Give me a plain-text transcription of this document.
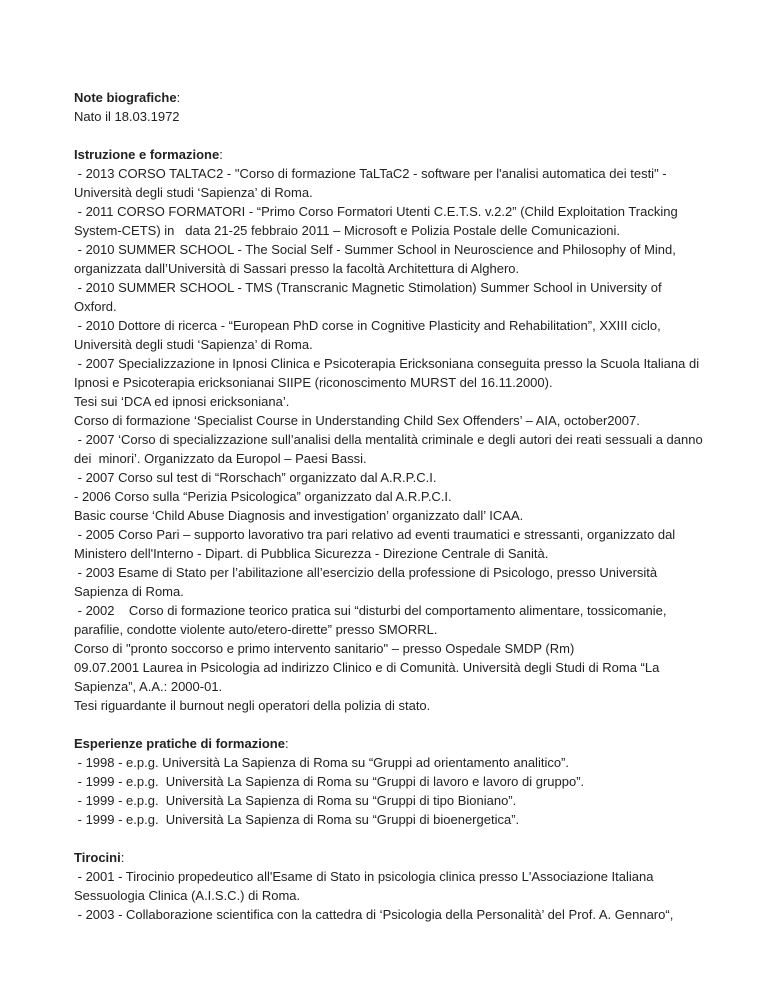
Note biografiche:

Nato il 18.03.1972

Istruzione e formazione:

- 2013 CORSO TALTAC2 - "Corso di formazione TaLTaC2 - software per l'analisi automatica dei testi" - Università degli studi ‘Sapienza’ di Roma.

- 2011 CORSO FORMATORI - “Primo Corso Formatori Utenti C.E.T.S. v.2.2” (Child Exploitation Tracking System-CETS) in   data 21-25 febbraio 2011 – Microsoft e Polizia Postale delle Comunicazioni.

- 2010 SUMMER SCHOOL - The Social Self - Summer School in Neuroscience and Philosophy of Mind, organizzata dall’Università di Sassari presso la facoltà Architettura di Alghero.

- 2010 SUMMER SCHOOL - TMS (Transcranic Magnetic Stimolation) Summer School in University of Oxford.

- 2010 Dottore di ricerca - “European PhD corse in Cognitive Plasticity and Rehabilitation”, XXIII ciclo, Università degli studi ‘Sapienza’ di Roma.

- 2007 Specializzazione in Ipnosi Clinica e Psicoterapia Ericksoniana conseguita presso la Scuola Italiana di Ipnosi e Psicoterapia ericksonianai SIIPE (riconoscimento MURST del 16.11.2000).

Tesi sui ‘DCA ed ipnosi ericksoniana’.

Corso di formazione ‘Specialist Course in Understanding Child Sex Offenders’ – AIA, october2007.

- 2007 ‘Corso di specializzazione sull’analisi della mentalità criminale e degli autori dei reati sessuali a danno dei  minori’. Organizzato da Europol – Paesi Bassi.

- 2007 Corso sul test di “Rorschach” organizzato dal A.R.P.C.I.

- 2006 Corso sulla “Perizia Psicologica” organizzato dal A.R.P.C.I.

Basic course ‘Child Abuse Diagnosis and investigation’ organizzato dall’ ICAA.

- 2005 Corso Pari – supporto lavorativo tra pari relativo ad eventi traumatici e stressanti, organizzato dal Ministero dell'Interno - Dipart. di Pubblica Sicurezza - Direzione Centrale di Sanità.

- 2003 Esame di Stato per l’abilitazione all’esercizio della professione di Psicologo, presso Università Sapienza di Roma.

- 2002    Corso di formazione teorico pratica sui “disturbi del comportamento alimentare, tossicomanie, parafilie, condotte violente auto/etero-dirette” presso SMORRL.

Corso di "pronto soccorso e primo intervento sanitario" – presso Ospedale SMDP (Rm)

09.07.2001 Laurea in Psicologia ad indirizzo Clinico e di Comunità. Università degli Studi di Roma “La Sapienza”, A.A.: 2000-01.

Tesi riguardante il burnout negli operatori della polizia di stato.

Esperienze pratiche di formazione:

- 1998 - e.p.g. Università La Sapienza di Roma su “Gruppi ad orientamento analitico”.

- 1999 - e.p.g.  Università La Sapienza di Roma su “Gruppi di lavoro e lavoro di gruppo”.

- 1999 - e.p.g.  Università La Sapienza di Roma su “Gruppi di tipo Bioniano”.

- 1999 - e.p.g.  Università La Sapienza di Roma su “Gruppi di bioenergetica”.

Tirocini:

- 2001 - Tirocinio propedeutico all'Esame di Stato in psicologia clinica presso L'Associazione Italiana Sessuologia Clinica (A.I.S.C.) di Roma.

- 2003 - Collaborazione scientifica con la cattedra di ‘Psicologia della Personalità’ del Prof. A. Gennaro“,
